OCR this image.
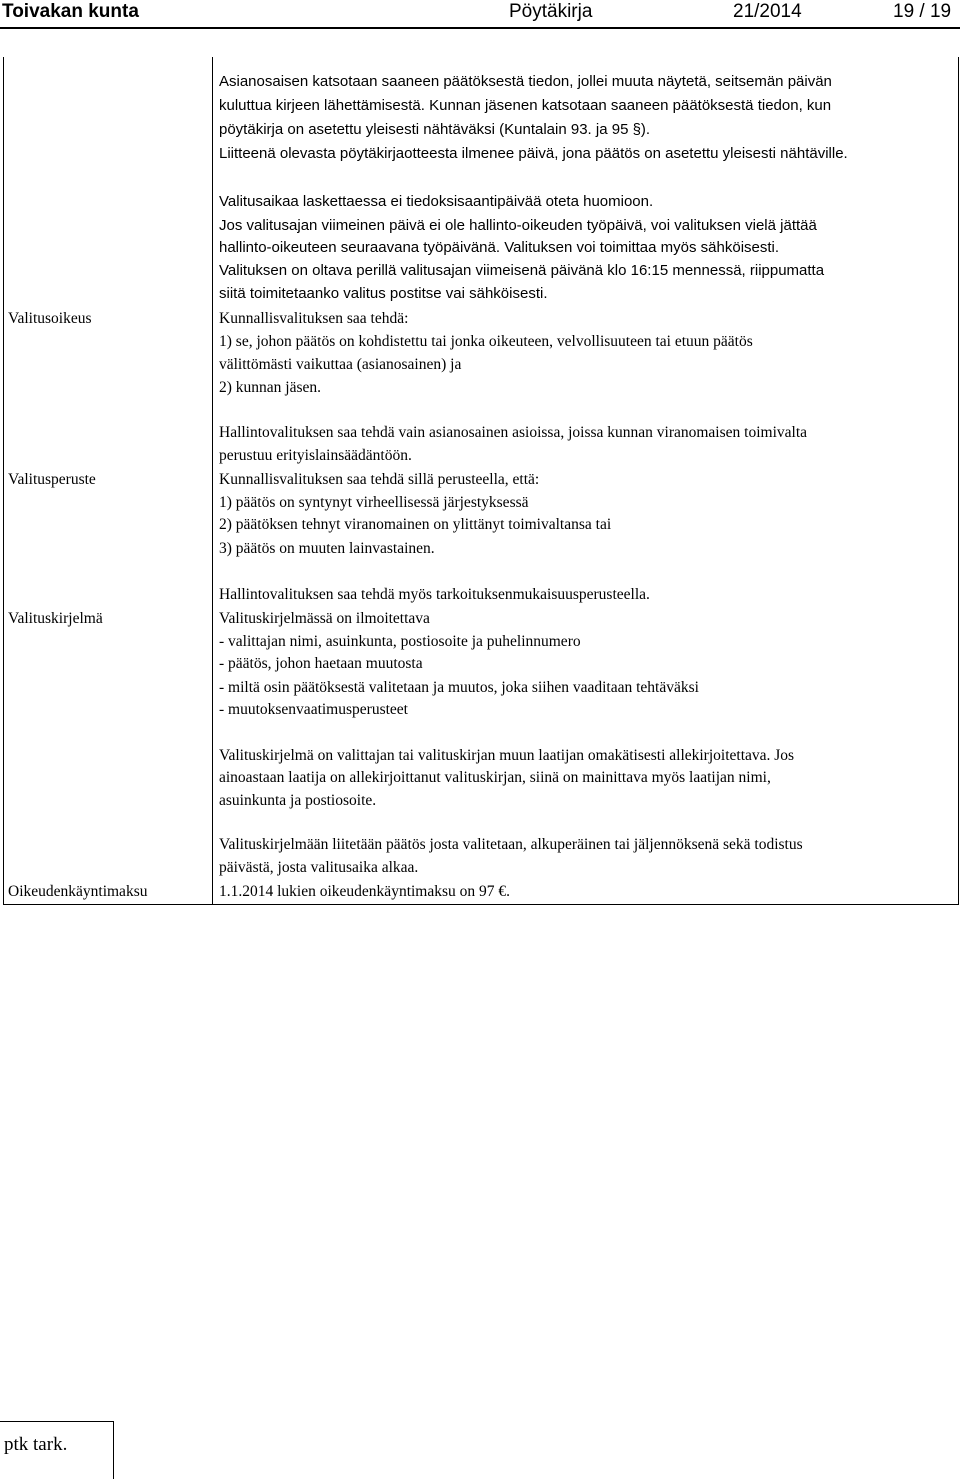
Toivakan kunta	Pöytäkirja	21/2014	19 / 19
Asianosaisen katsotaan saaneen päätöksestä tiedon, jollei muuta näytetä, seitsemän päivän
kuluttua kirjeen lähettämisestä. Kunnan jäsenen katsotaan saaneen päätöksestä tiedon, kun
pöytäkirja on asetettu yleisesti nähtäväksi (Kuntalain 93. ja 95 §).
Liitteenä olevasta pöytäkirjaotteesta ilmenee päivä, jona päätös on asetettu yleisesti nähtäville.
Valitusaikaa laskettaessa ei tiedoksisaantipäivää oteta huomioon.
Jos valitusajan viimeinen päivä ei ole hallinto-oikeuden työpäivä, voi valituksen vielä jättää
hallinto-oikeuteen seuraavana työpäivänä. Valituksen voi toimittaa myös sähköisesti.
Valituksen on oltava perillä valitusajan viimeisenä päivänä klo 16:15 mennessä, riippumatta
siitä toimitetaanko valitus postitse vai sähköisesti.
Valitusoikeus	Kunnallisvalituksen saa tehdä:
1) se, johon päätös on kohdistettu tai jonka oikeuteen, velvollisuuteen tai etuun päätös
välittömästi vaikuttaa (asianosainen) ja
2) kunnan jäsen.
Hallintovalituksen saa tehdä vain asianosainen asioissa, joissa kunnan viranomaisen toimivalta
perustuu erityislainsäädäntöön.
Valitusperuste	Kunnallisvalituksen saa tehdä sillä perusteella, että:
1) päätös on syntynyt virheellisessä järjestyksessä
2) päätöksen tehnyt viranomainen on ylittänyt toimivaltansa tai
3) päätös on muuten lainvastainen.
Hallintovalituksen saa tehdä myös tarkoituksenmukaisuusperusteella.
Valituskirjelmä	Valituskirjelmässä on ilmoitettava
- valittajan nimi, asuinkunta, postiosoite ja puhelinnumero
- päätös, johon haetaan muutosta
- miltä osin päätöksestä valitetaan ja muutos, joka siihen vaaditaan tehtäväksi
- muutoksenvaatimusperusteet
Valituskirjelmä on valittajan tai valituskirjan muun laatijan omakätisesti allekirjoitettava. Jos
ainoastaan laatija on allekirjoittanut valituskirjan, siinä on mainittava myös laatijan nimi,
asuinkunta ja postiosoite.
Valituskirjelmään liitetään päätös josta valitetaan, alkuperäinen tai jäljennöksenä sekä todistus
päivästä, josta valitusaika alkaa.
Oikeudenkäyntimaksu	1.1.2014 lukien oikeudenkäyntimaksu on 97 €.
ptk tark.
